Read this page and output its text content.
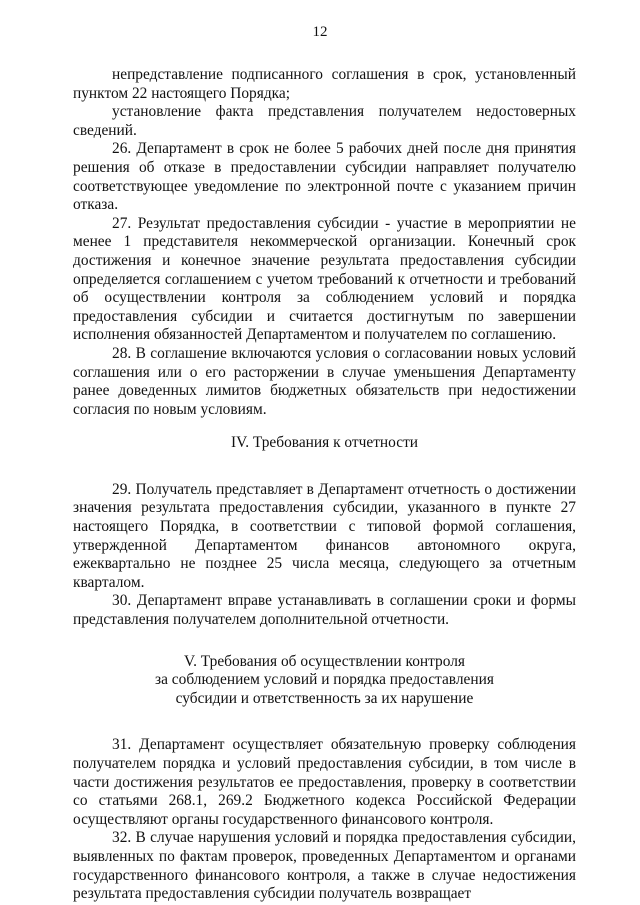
12

непредставление подписанного соглашения в срок, установленный пунктом 22 настоящего Порядка;

установление факта представления получателем недостоверных сведений.

26. Департамент в срок не более 5 рабочих дней после дня принятия решения об отказе в предоставлении субсидии направляет получателю соответствующее уведомление по электронной почте с указанием причин отказа.

27. Результат предоставления субсидии - участие в мероприятии не менее 1 представителя некоммерческой организации. Конечный срок достижения и конечное значение результата предоставления субсидии определяется соглашением с учетом требований к отчетности и требований об осуществлении контроля за соблюдением условий и порядка предоставления субсидии и считается достигнутым по завершении исполнения обязанностей Департаментом и получателем по соглашению.

28. В соглашение включаются условия о согласовании новых условий соглашения или о его расторжении в случае уменьшения Департаменту ранее доведенных лимитов бюджетных обязательств при недостижении согласия по новым условиям.

IV. Требования к отчетности

29. Получатель представляет в Департамент отчетность о достижении значения результата предоставления субсидии, указанного в пункте 27 настоящего Порядка, в соответствии с типовой формой соглашения, утвержденной Департаментом финансов автономного округа, ежеквартально не позднее 25 числа месяца, следующего за отчетным кварталом.

30. Департамент вправе устанавливать в соглашении сроки и формы представления получателем дополнительной отчетности.

V. Требования об осуществлении контроля
за соблюдением условий и порядка предоставления
субсидии и ответственность за их нарушение

31. Департамент осуществляет обязательную проверку соблюдения получателем порядка и условий предоставления субсидии, в том числе в части достижения результатов ее предоставления, проверку в соответствии со статьями 268.1, 269.2 Бюджетного кодекса Российской Федерации осуществляют органы государственного финансового контроля.

32. В случае нарушения условий и порядка предоставления субсидии, выявленных по фактам проверок, проведенных Департаментом и органами государственного финансового контроля, а также в случае недостижения результата предоставления субсидии получатель возвращает
